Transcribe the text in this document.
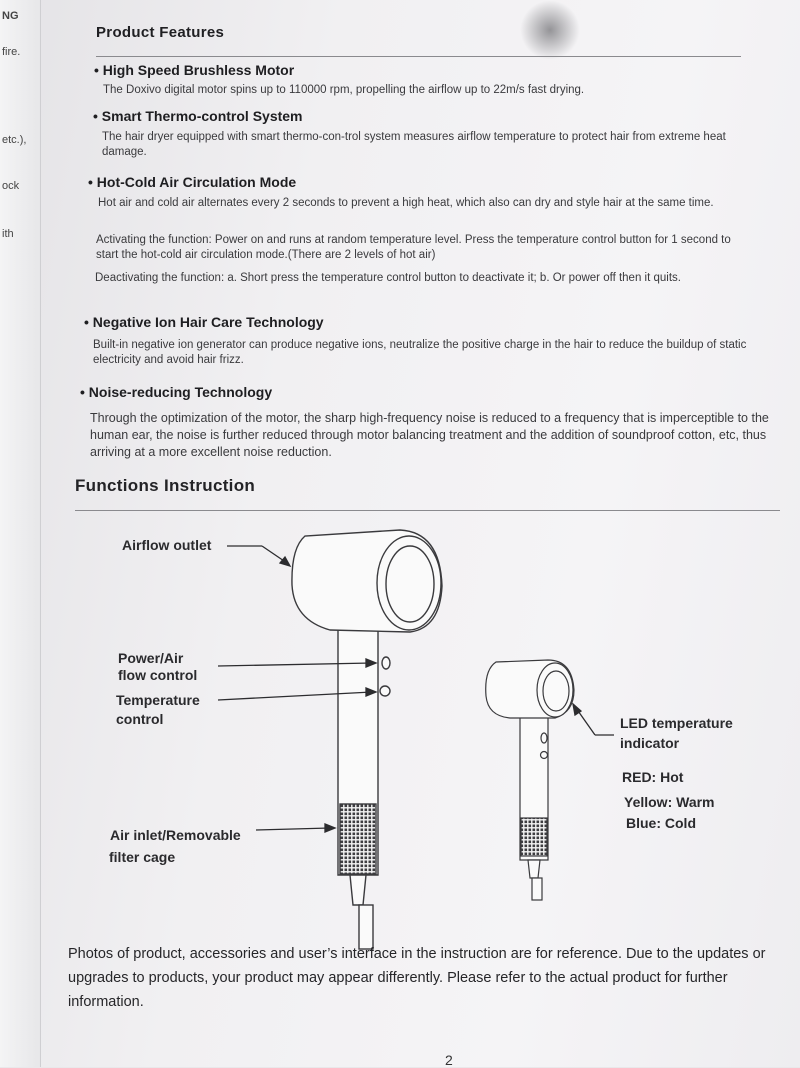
NG
fire.
etc.),
ock
ith
Product Features

• High Speed Brushless Motor

The Doxivo digital motor spins up to 110000 rpm, propelling the airflow up to 22m/s fast drying.

• Smart Thermo-control System

The hair dryer equipped with smart thermo-con-trol system measures airflow temperature to protect hair from extreme heat damage.

• Hot-Cold Air Circulation Mode

Hot air and cold air alternates every 2 seconds to prevent a high heat, which also can dry and style hair at the same time.

Activating the function: Power on and runs at random temperature level. Press the temperature control button for 1 second to start the hot-cold air circulation mode.(There are 2 levels of hot air)

Deactivating the function: a. Short press the temperature control button to deactivate it; b. Or power off then it quits.

• Negative Ion Hair Care Technology

Built-in negative ion generator can produce negative ions, neutralize the positive charge in the hair to reduce the buildup of static electricity and avoid hair frizz.

• Noise-reducing Technology

Through the optimization of the motor, the sharp high-frequency noise is reduced to a frequency that is imperceptible to the human ear, the noise is further reduced through motor balancing treatment and the addition of soundproof cotton, etc, thus arriving at a more excellent noise reduction.

Functions Instruction

Airflow outlet

Power/Air

flow control

Temperature

control

Air inlet/Removable

filter cage

LED temperature

indicator

RED: Hot

Yellow: Warm

Blue: Cold

Photos of product, accessories and user’s interface in the instruction are for reference. Due to the updates or upgrades to products, your product may appear differently. Please refer to the actual product for further information.

2
